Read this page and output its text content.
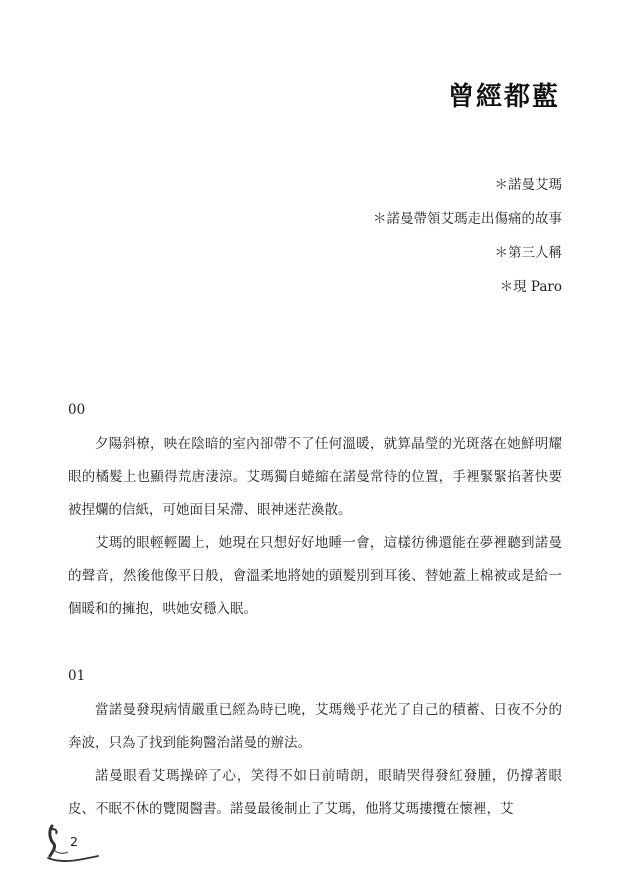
曾經都藍
＊諾曼艾瑪
＊諾曼帶領艾瑪走出傷痛的故事
＊第三人稱
＊現 Paro
00
夕陽斜橑，映在陰暗的室內卻帶不了任何溫暖，就算晶瑩的光斑落在她鮮明耀眼的橘髮上也顯得荒唐淒涼。艾瑪獨自蜷縮在諾曼常待的位置，手裡緊緊掐著快要被捏爛的信紙，可她面目呆滯、眼神迷茫渙散。
艾瑪的眼輕輕闔上，她現在只想好好地睡一會，這樣彷彿還能在夢裡聽到諾曼的聲音，然後他像平日般，會溫柔地將她的頭髮別到耳後、替她蓋上棉被或是給一個暖和的擁抱，哄她安穩入眠。
01
當諾曼發現病情嚴重已經為時已晚，艾瑪幾乎花光了自己的積蓄、日夜不分的奔波，只為了找到能夠醫治諾曼的辦法。
諾曼眼看艾瑪操碎了心，笑得不如日前晴朗，眼睛哭得發紅發腫，仍撐著眼皮、不眠不休的覽閱醫書。諾曼最後制止了艾瑪，他將艾瑪摟攬在懷裡，艾
2
